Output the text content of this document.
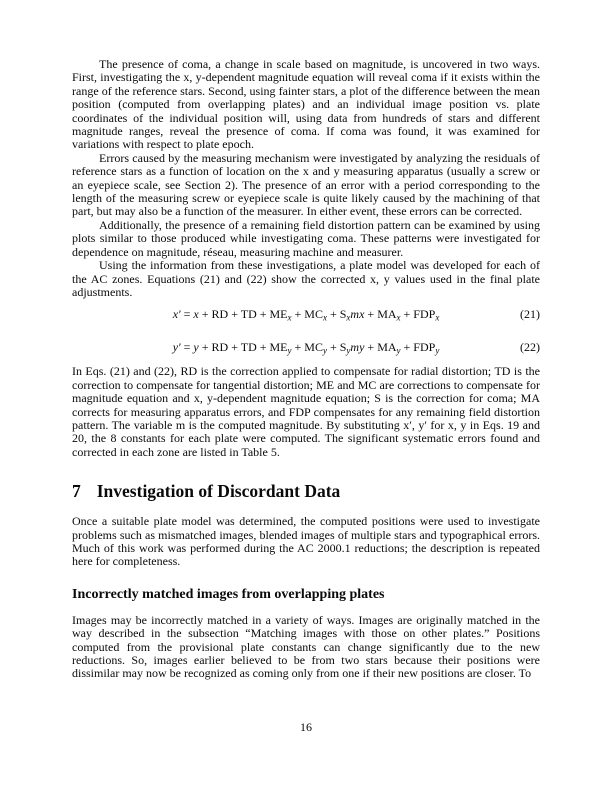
The presence of coma, a change in scale based on magnitude, is uncovered in two ways. First, investigating the x, y-dependent magnitude equation will reveal coma if it exists within the range of the reference stars. Second, using fainter stars, a plot of the difference between the mean position (computed from overlapping plates) and an individual image position vs. plate coordinates of the individual position will, using data from hundreds of stars and different magnitude ranges, reveal the presence of coma. If coma was found, it was examined for variations with respect to plate epoch.

Errors caused by the measuring mechanism were investigated by analyzing the residuals of reference stars as a function of location on the x and y measuring apparatus (usually a screw or an eyepiece scale, see Section 2). The presence of an error with a period corresponding to the length of the measuring screw or eyepiece scale is quite likely caused by the machining of that part, but may also be a function of the measurer. In either event, these errors can be corrected.

Additionally, the presence of a remaining field distortion pattern can be examined by using plots similar to those produced while investigating coma. These patterns were investigated for dependence on magnitude, réseau, measuring machine and measurer.

Using the information from these investigations, a plate model was developed for each of the AC zones. Equations (21) and (22) show the corrected x, y values used in the final plate adjustments.

x′ = x + RD + TD + $ME_x + MC_x + S_xmx + MA_x + FDP_x$	(21)
y′ = y + RD + TD + $ME_y + MC_y + S_ymy + MA_y + FDP_y$	(22)

In Eqs. (21) and (22), RD is the correction applied to compensate for radial distortion; TD is the correction to compensate for tangential distortion; ME and MC are corrections to compensate for magnitude equation and x, y-dependent magnitude equation; S is the correction for coma; MA corrects for measuring apparatus errors, and FDP compensates for any remaining field distortion pattern. The variable m is the computed magnitude. By substituting x′, y′ for x, y in Eqs. 19 and 20, the 8 constants for each plate were computed. The significant systematic errors found and corrected in each zone are listed in Table 5.

7 Investigation of Discordant Data

Once a suitable plate model was determined, the computed positions were used to investigate problems such as mismatched images, blended images of multiple stars and typographical errors. Much of this work was performed during the AC 2000.1 reductions; the description is repeated here for completeness.

Incorrectly matched images from overlapping plates

Images may be incorrectly matched in a variety of ways. Images are originally matched in the way described in the subsection “Matching images with those on other plates.” Positions computed from the provisional plate constants can change significantly due to the new reductions. So, images earlier believed to be from two stars because their positions were dissimilar may now be recognized as coming only from one if their new positions are closer. To

16
